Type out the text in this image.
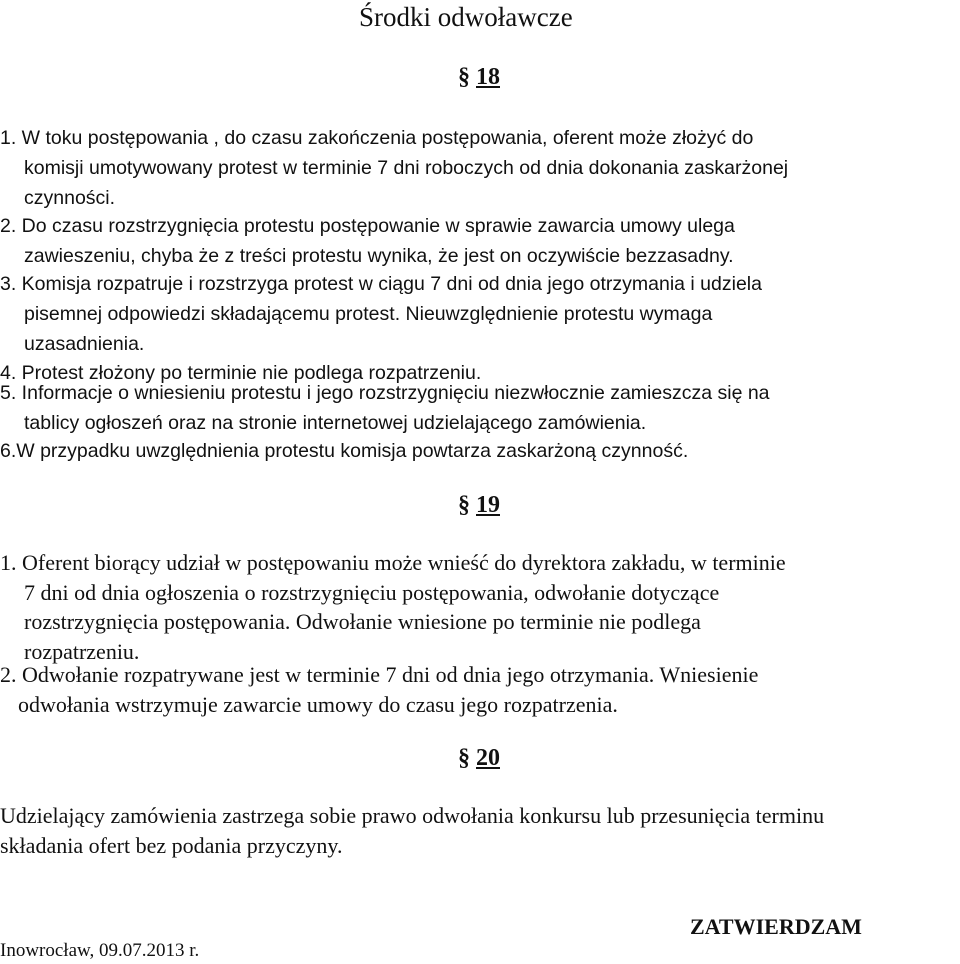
Środki odwoławcze
§ 18
1. W toku postępowania , do czasu zakończenia postępowania, oferent może złożyć do
komisji umotywowany protest w terminie 7 dni roboczych od dnia dokonania zaskarżonej
czynności.
2. Do czasu rozstrzygnięcia protestu postępowanie w sprawie zawarcia umowy ulega
zawieszeniu, chyba że z treści protestu wynika, że jest on oczywiście bezzasadny.
3. Komisja rozpatruje i rozstrzyga protest w ciągu 7 dni od dnia jego otrzymania i udziela
pisemnej odpowiedzi składającemu protest. Nieuwzględnienie protestu wymaga
uzasadnienia.
4. Protest złożony po terminie nie podlega rozpatrzeniu.
5. Informacje o wniesieniu protestu i jego rozstrzygnięciu niezwłocznie zamieszcza się na
tablicy ogłoszeń oraz na stronie internetowej udzielającego zamówienia.
6.W przypadku uwzględnienia protestu komisja powtarza zaskarżoną czynność.
§ 19
1. Oferent biorący udział w postępowaniu może wnieść do dyrektora zakładu, w terminie
7 dni od dnia ogłoszenia o rozstrzygnięciu postępowania, odwołanie dotyczące
rozstrzygnięcia postępowania. Odwołanie wniesione po terminie nie podlega
rozpatrzeniu.
2. Odwołanie rozpatrywane jest w terminie 7 dni od dnia jego otrzymania. Wniesienie
odwołania wstrzymuje zawarcie umowy do czasu jego rozpatrzenia.
§ 20
Udzielający zamówienia zastrzega sobie prawo odwołania konkursu lub przesunięcia terminu
składania ofert bez podania przyczyny.
ZATWIERDZAM
Inowrocław, 09.07.2013 r.
